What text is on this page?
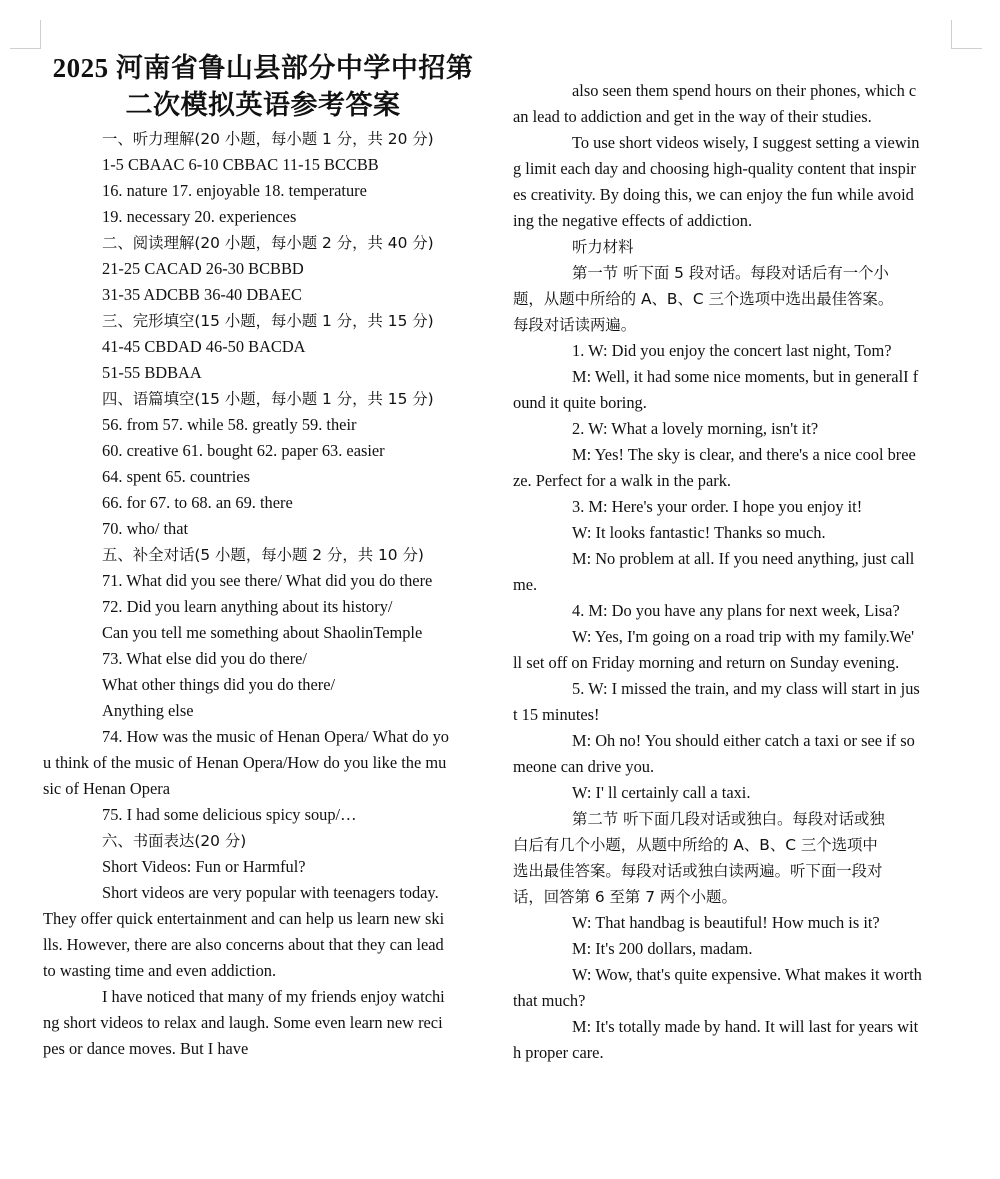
2025 河南省鲁山县部分中学中招第
二次模拟英语参考答案
一、听力理解(20 小题，每小题 1 分，共 20 分)
1-5 CBAAC 6-10 CBBAC 11-15 BCCBB
16. nature 17. enjoyable 18. temperature
19. necessary 20. experiences
二、阅读理解(20 小题，每小题 2 分，共 40 分)
21-25 CACAD 26-30 BCBBD
31-35 ADCBB 36-40 DBAEC
三、完形填空(15 小题，每小题 1 分，共 15 分)
41-45 CBDAD 46-50 BACDA
51-55 BDBAA
四、语篇填空(15 小题，每小题 1 分，共 15 分)
56. from 57. while 58. greatly 59. their
60. creative 61. bought 62. paper 63. easier
64. spent 65. countries
66. for 67. to 68. an 69. there
70. who/ that
五、补全对话(5 小题，每小题 2 分，共 10 分)
71. What did you see there/ What did you do there
72. Did you learn anything about its history/
Can you tell me something about ShaolinTemple
73. What else did you do there/
What other things did you do there/
Anything else
74. How was the music of Henan Opera/ What do yo
u think of the music of Henan Opera/How do you like the mu
sic of Henan Opera
75. I had some delicious spicy soup/…
六、书面表达(20 分)
Short Videos: Fun or Harmful?
Short videos are very popular with teenagers today.
They offer quick entertainment and can help us learn new ski
lls. However, there are also concerns about that they can lead
to wasting time and even addiction.
I have noticed that many of my friends enjoy watchi
ng short videos to relax and laugh. Some even learn new reci
pes or dance moves. But I have
also seen them spend hours on their phones, which c
an lead to addiction and get in the way of their studies.
To use short videos wisely, I suggest setting a viewin
g limit each day and choosing high-quality content that inspir
es creativity. By doing this, we can enjoy the fun while avoid
ing the negative effects of addiction.
听力材料
第一节 听下面 5 段对话。每段对话后有一个小
题，从题中所给的 A、B、C 三个选项中选出最佳答案。
每段对话读两遍。
1. W: Did you enjoy the concert last night, Tom?
M: Well, it had some nice moments, but in generalI f
ound it quite boring.
2. W: What a lovely morning, isn't it?
M: Yes! The sky is clear, and there's a nice cool bree
ze. Perfect for a walk in the park.
3. M: Here's your order. I hope you enjoy it!
W: It looks fantastic! Thanks so much.
M: No problem at all. If you need anything, just call
me.
4. M: Do you have any plans for next week, Lisa?
W: Yes, I'm going on a road trip with my family.We'
ll set off on Friday morning and return on Sunday evening.
5. W: I missed the train, and my class will start in jus
t 15 minutes!
M: Oh no! You should either catch a taxi or see if so
meone can drive you.
W: I' ll certainly call a taxi.
第二节 听下面几段对话或独白。每段对话或独
白后有几个小题，从题中所给的 A、B、C 三个选项中
选出最佳答案。每段对话或独白读两遍。听下面一段对
话，回答第 6 至第 7 两个小题。
W: That handbag is beautiful! How much is it?
M: It's 200 dollars, madam.
W: Wow, that's quite expensive. What makes it worth
that much?
M: It's totally made by hand. It will last for years wit
h proper care.
